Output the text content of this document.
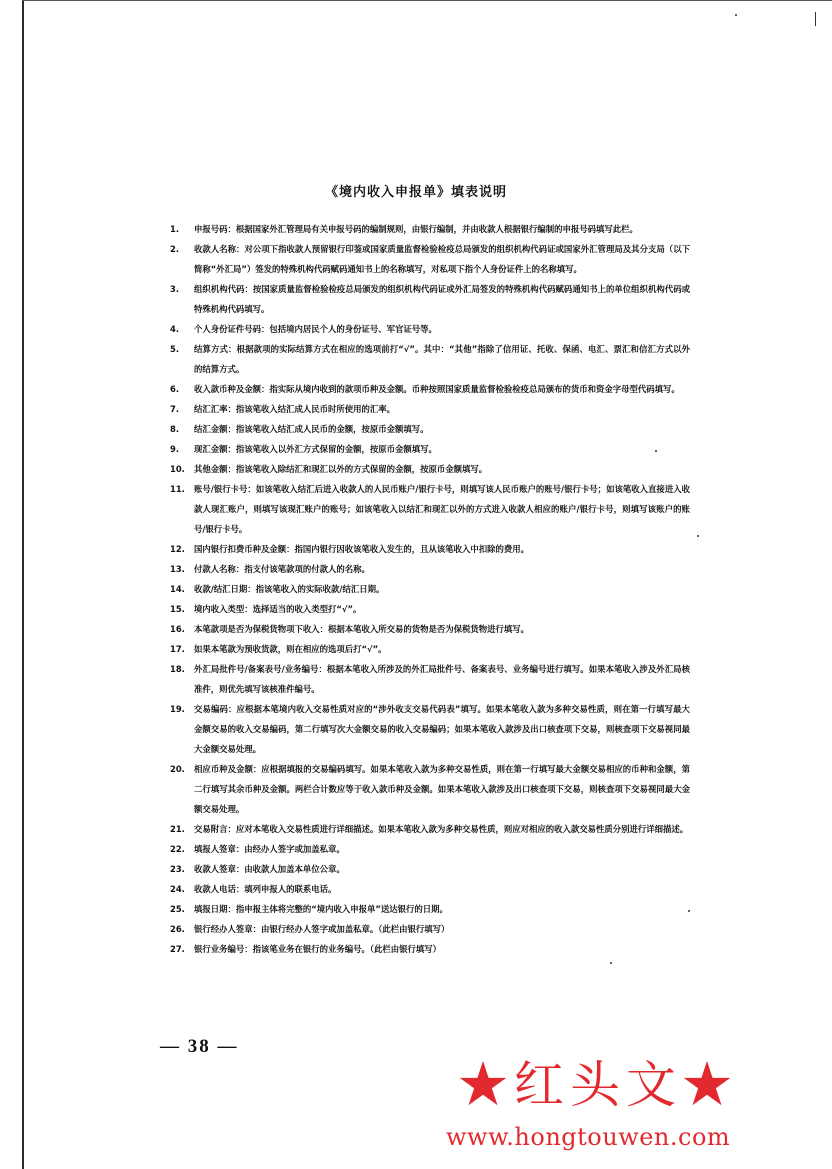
《境内收入申报单》填表说明
1. 申报号码：根据国家外汇管理局有关申报号码的编制规则，由银行编制，并由收款人根据银行编制的申报号码填写此栏。
2. 收款人名称：对公项下指收款人预留银行印鉴或国家质量监督检验检疫总局颁发的组织机构代码证或国家外汇管理局及其分支局（以下简称“外汇局”）签发的特殊机构代码赋码通知书上的名称填写，对私项下指个人身份证件上的名称填写。
3. 组织机构代码：按国家质量监督检验检疫总局颁发的组织机构代码证或外汇局签发的特殊机构代码赋码通知书上的单位组织机构代码或特殊机构代码填写。
4. 个人身份证件号码：包括境内居民个人的身份证号、军官证号等。
5. 结算方式：根据款项的实际结算方式在相应的选项前打“√”。其中：“其他”指除了信用证、托收、保函、电汇、票汇和信汇方式以外的结算方式。
6. 收入款币种及金额：指实际从境内收到的款项币种及金额。币种按照国家质量监督检验检疫总局颁布的货币和资金字母型代码填写。
7. 结汇汇率：指该笔收入结汇成人民币时所使用的汇率。
8. 结汇金额：指该笔收入结汇成人民币的金额，按原币金额填写。
9. 现汇金额：指该笔收入以外汇方式保留的金额，按原币金额填写。
10. 其他金额：指该笔收入除结汇和现汇以外的方式保留的金额，按原币金额填写。
11. 账号/银行卡号：如该笔收入结汇后进入收款人的人民币账户/银行卡号，则填写该人民币账户的账号/银行卡号；如该笔收入直接进入收款人现汇账户，则填写该现汇账户的账号；如该笔收入以结汇和现汇以外的方式进入收款人相应的账户/银行卡号，则填写该账户的账号/银行卡号。
12. 国内银行扣费币种及金额：指国内银行因收该笔收入发生的，且从该笔收入中扣除的费用。
13. 付款人名称：指支付该笔款项的付款人的名称。
14. 收款/结汇日期：指该笔收入的实际收款/结汇日期。
15. 境内收入类型：选择适当的收入类型打“√”。
16. 本笔款项是否为保税货物项下收入：根据本笔收入所交易的货物是否为保税货物进行填写。
17. 如果本笔款为预收货款，则在相应的选项后打“√”。
18. 外汇局批件号/备案表号/业务编号：根据本笔收入所涉及的外汇局批件号、备案表号、业务编号进行填写。如果本笔收入涉及外汇局核准件，则优先填写该核准件编号。
19. 交易编码：应根据本笔境内收入交易性质对应的“涉外收支交易代码表”填写。如果本笔收入款为多种交易性质，则在第一行填写最大金额交易的收入交易编码，第二行填写次大金额交易的收入交易编码；如果本笔收入款涉及出口核查项下交易，则核查项下交易视同最大金额交易处理。
20. 相应币种及金额：应根据填报的交易编码填写。如果本笔收入款为多种交易性质，则在第一行填写最大金额交易相应的币种和金额，第二行填写其余币种及金额。两栏合计数应等于收入款币种及金额。如果本笔收入款涉及出口核查项下交易，则核查项下交易视同最大金额交易处理。
21. 交易附言：应对本笔收入交易性质进行详细描述。如果本笔收入款为多种交易性质，则应对相应的收入款交易性质分别进行详细描述。
22. 填报人签章：由经办人签字或加盖私章。
23. 收款人签章：由收款人加盖本单位公章。
24. 收款人电话：填列申报人的联系电话。
25. 填报日期：指申报主体将完整的“境内收入申报单”送达银行的日期。
26. 银行经办人签章：由银行经办人签字或加盖私章。（此栏由银行填写）
27. 银行业务编号：指该笔业务在银行的业务编号。（此栏由银行填写）
— 38 —
★红头文★
www.hongtouwen.com
